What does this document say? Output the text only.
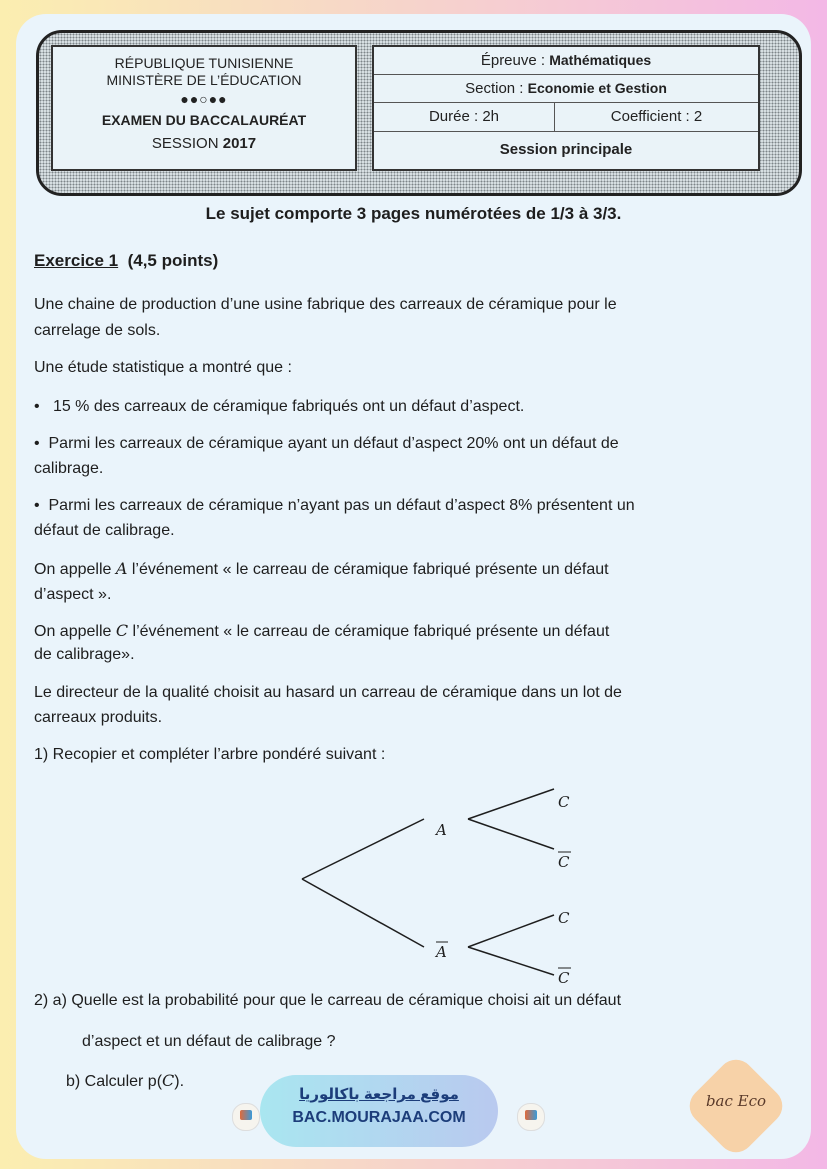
RÉPUBLIQUE TUNISIENNE
MINISTÈRE DE L’ÉDUCATION
●●○●●
EXAMEN DU BACCALAURÉAT
SESSION 2017
Épreuve : Mathématiques
Section : Economie et Gestion
Durée : 2h	Coefficient : 2
Session principale
Le sujet comporte 3 pages numérotées de 1/3 à 3/3.
Exercice 1 (4,5 points)
Une chaine de production d’une usine fabrique des carreaux de céramique pour le
carrelage de sols.
Une étude statistique a montré que :
•   15 % des carreaux de céramique fabriqués ont un défaut d’aspect.
•  Parmi les carreaux de céramique ayant un défaut d’aspect 20% ont un défaut de
calibrage.
•  Parmi les carreaux de céramique n’ayant pas un défaut d’aspect 8% présentent un
défaut de calibrage.
On appelle A l’événement « le carreau de céramique fabriqué présente un défaut
d’aspect ».
On appelle C l’événement « le carreau de céramique fabriqué présente un défaut
de calibrage».
Le directeur de la qualité choisit au hasard un carreau de céramique dans un lot de
carreaux produits.
1) Recopier et compléter l’arbre pondéré suivant :
A
A
C
C
C
C
2) a) Quelle est la probabilité pour que le carreau de céramique choisi ait un défaut
d’aspect et un défaut de calibrage ?
b) Calculer p(C).
موقع مراجعة باكالوريا
BAC.MOURAJAA.COM
bac Eco
